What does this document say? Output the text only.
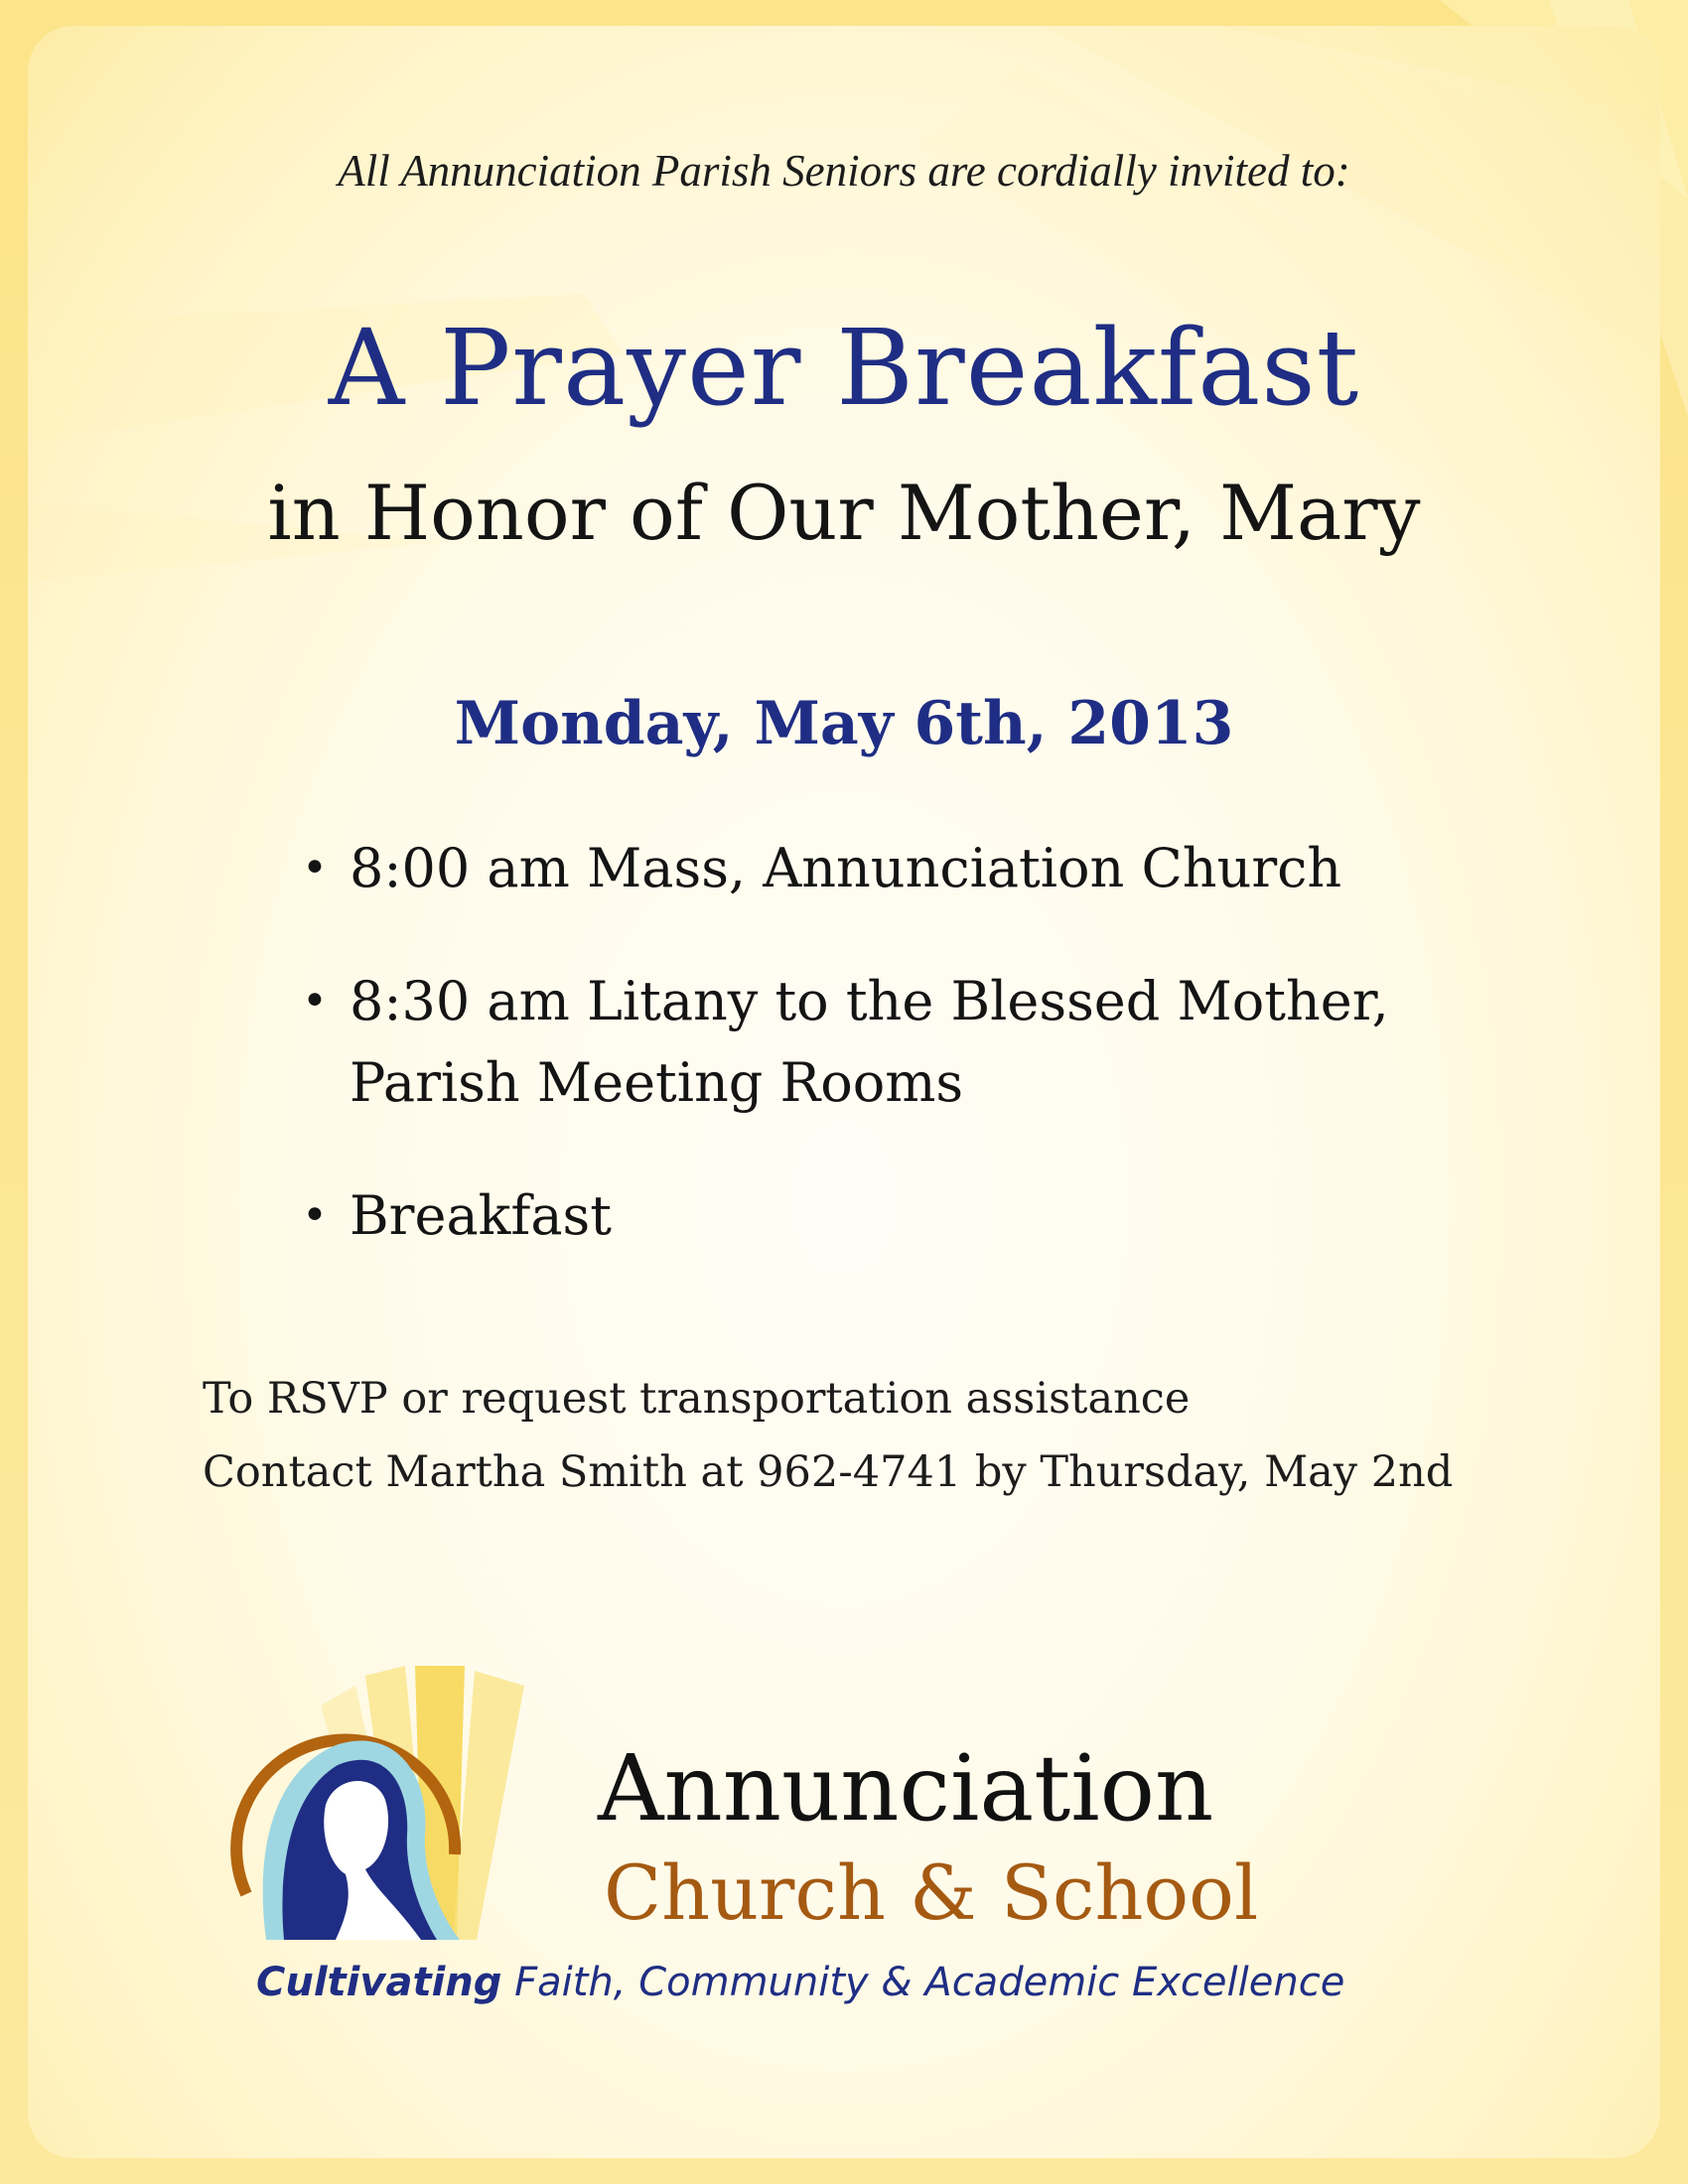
All Annunciation Parish Seniors are cordially invited to:
A Prayer Breakfast
in Honor of Our Mother, Mary
Monday, May 6th, 2013
• 8:00 am Mass, Annunciation Church
• 8:30 am Litany to the Blessed Mother,
Parish Meeting Rooms
• Breakfast
To RSVP or request transportation assistance
Contact Martha Smith at 962-4741 by Thursday, May 2nd
Annunciation
Church & School
Cultivating Faith, Community & Academic Excellence
